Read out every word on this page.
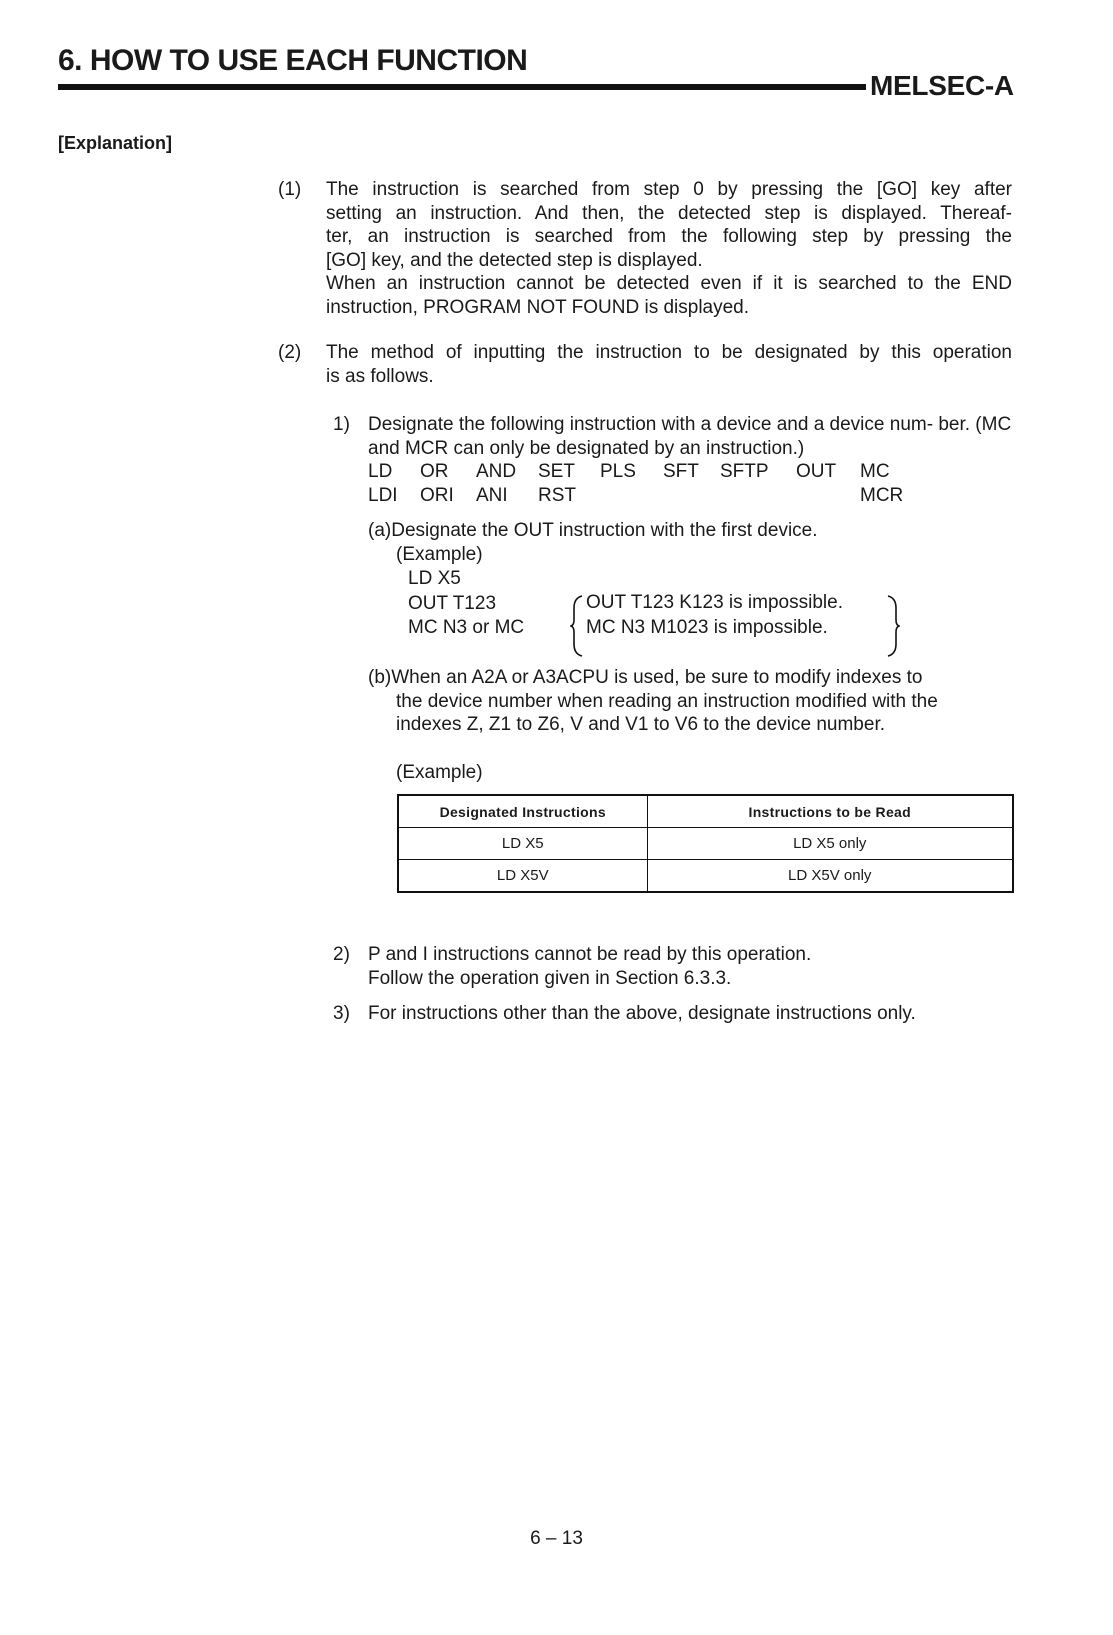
6. HOW TO USE EACH FUNCTION
MELSEC-A
[Explanation]
(1) The instruction is searched from step 0 by pressing the [GO] key after
setting an instruction. And then, the detected step is displayed. Thereaf-
ter, an instruction is searched from the following step by pressing the
[GO] key, and the detected step is displayed.
When an instruction cannot be detected even if it is searched to the END
instruction, PROGRAM NOT FOUND is displayed.
(2) The method of inputting the instruction to be designated by this operation
is as follows.
1) Designate the following instruction with a device and a device num- ber. (MC and MCR can only be designated by an instruction.)
LD OR AND SET PLS SFT SFTP OUT MC
LDI ORI ANI RST	MCR
(a)Designate the OUT instruction with the first device.
(Example)
LD X5
OUT T123
MC N3 or MC
OUT T123 K123 is impossible.
MC N3 M1023 is impossible.
(b)When an A2A or A3ACPU is used, be sure to modify indexes to
the device number when reading an instruction modified with the
indexes Z, Z1 to Z6, V and V1 to V6 to the device number.
(Example)
Designated Instructions	Instructions to be Read
LD X5	LD X5 only
LD X5V	LD X5V only
2) P and I instructions cannot be read by this operation.
Follow the operation given in Section 6.3.3.
3) For instructions other than the above, designate instructions only.
6 – 13
